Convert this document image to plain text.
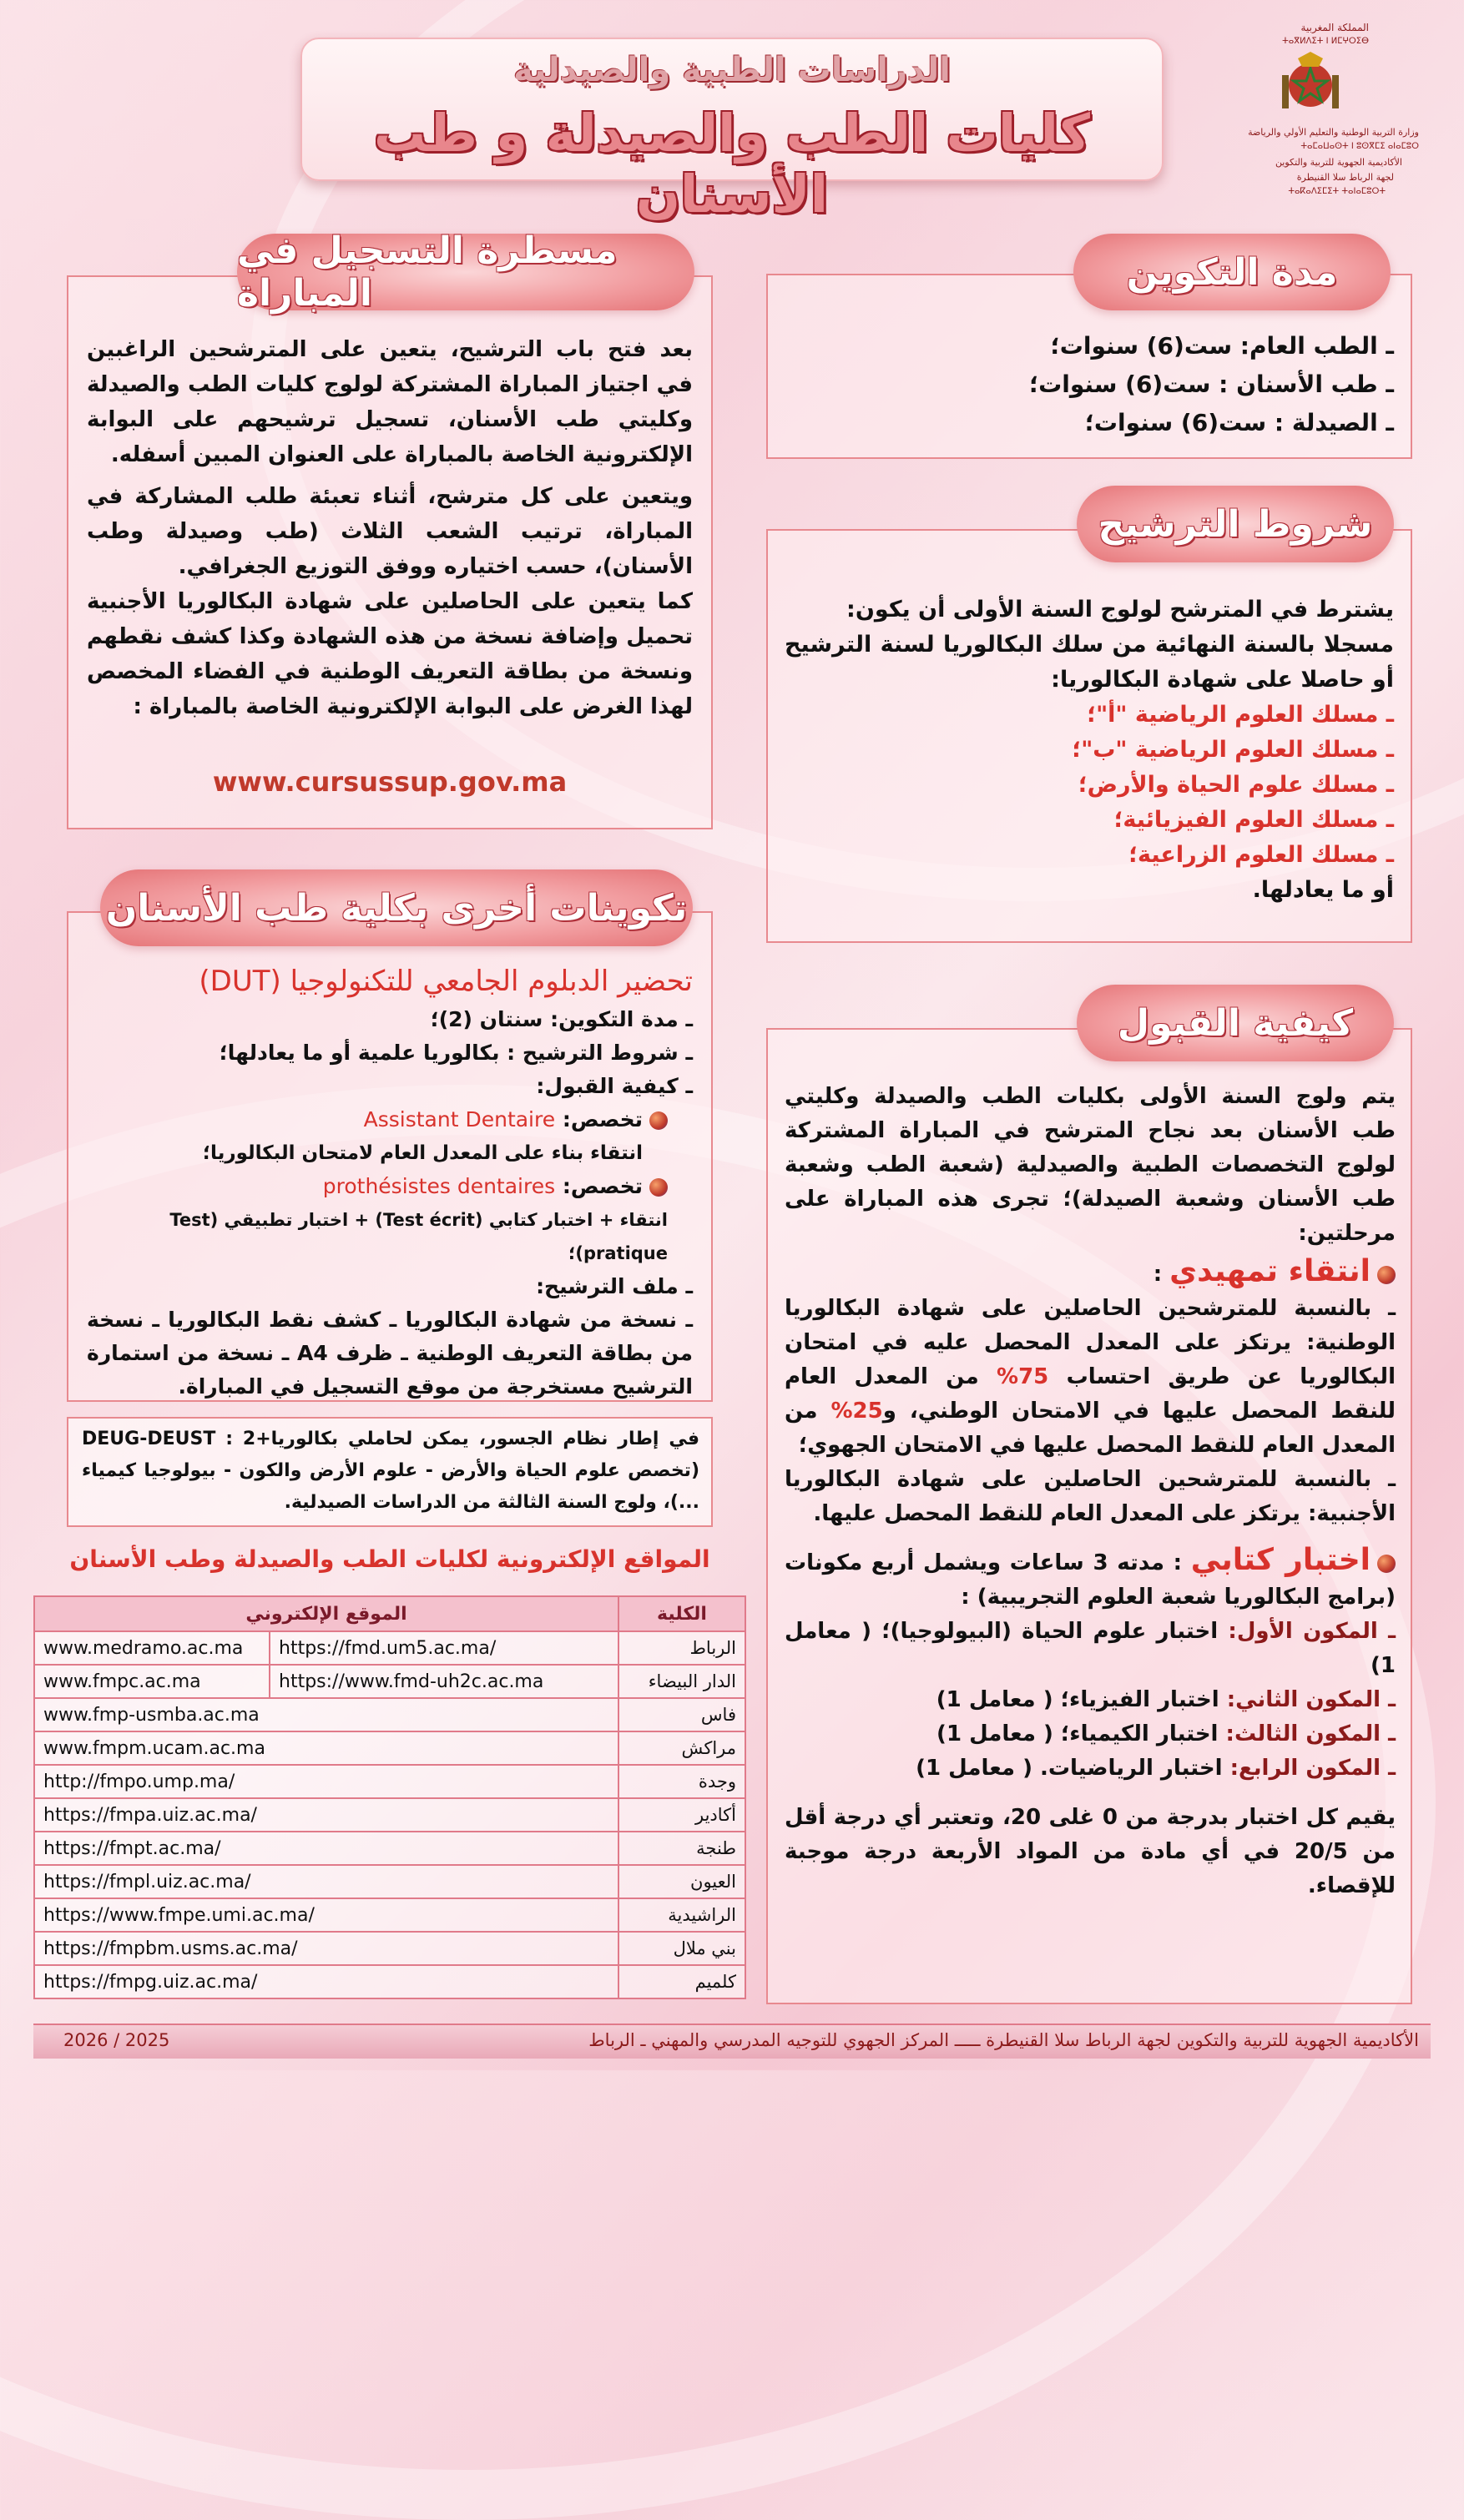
الدراسات الطبية والصيدلية
كليات الطب والصيدلة و طب الأسنان
المملكة المغربية
ⵜⴰⴳⵍⴷⵉⵜ ⵏ ⵍⵎⵖⵔⵉⴱ
وزارة التربية الوطنية والتعليم الأولي والرياضة
ⵜⴰⵎⴰⵡⴰⵙⵜ ⵏ ⵓⵙⴳⵎⵉ ⴰⵏⴰⵎⵓⵔ
الأكاديمية الجهوية للتربية والتكوين
لجهة الرباط سلا القنيطرة
ⵜⴰⴽⴰⴷⵉⵎⵉⵜ ⵜⴰⵏⴰⵎⵓⵔⵜ
مدة التكوين
ـ الطب العام: ست(6) سنوات؛
ـ طب الأسنان : ست(6) سنوات؛
ـ الصيدلة : ست(6) سنوات؛
شروط الترشيح
يشترط في المترشح لولوج السنة الأولى أن يكون:
مسجلا بالسنة النهائية من سلك البكالوريا لسنة الترشيح أو حاصلا على شهادة البكالوريا:
ـ مسلك العلوم الرياضية "أ"؛
ـ مسلك العلوم الرياضية "ب"؛
ـ مسلك علوم الحياة والأرض؛
ـ مسلك العلوم الفيزيائية؛
ـ مسلك العلوم الزراعية؛
أو ما يعادلها.
كيفية القبول
يتم ولوج السنة الأولى بكليات الطب والصيدلة وكليتي طب الأسنان بعد نجاح المترشح في المباراة المشتركة لولوج التخصصات الطبية والصيدلية (شعبة الطب وشعبة طب الأسنان وشعبة الصيدلة)؛ تجرى هذه المباراة على مرحلتين:
انتقاء تمهيدي :
ـ بالنسبة للمترشحين الحاصلين على شهادة البكالوريا الوطنية: يرتكز على المعدل المحصل عليه في امتحان البكالوريا عن طريق احتساب 75% من المعدل العام للنقط المحصل عليها في الامتحان الوطني، و25% من المعدل العام للنقط المحصل عليها في الامتحان الجهوي؛
ـ بالنسبة للمترشحين الحاصلين على شهادة البكالوريا الأجنبية: يرتكز على المعدل العام للنقط المحصل عليها.
اختبار كتابي : مدته 3 ساعات ويشمل أربع مكونات (برامج البكالوريا شعبة العلوم التجريبية) :
ـ المكون الأول: اختبار علوم الحياة (البيولوجيا)؛ ( معامل 1)
ـ المكون الثاني: اختبار الفيزياء؛ ( معامل 1)
ـ المكون الثالث: اختبار الكيمياء؛ ( معامل 1)
ـ المكون الرابع: اختبار الرياضيات. ( معامل 1)
يقيم كل اختبار بدرجة من 0 غلى 20، وتعتبر أي درجة أقل من 20/5 في أي مادة من المواد الأربعة درجة موجبة للإقصاء.
مسطرة التسجيل في المباراة
بعد فتح باب الترشيح، يتعين على المترشحين الراغبين في اجتياز المباراة المشتركة لولوج كليات الطب والصيدلة وكليتي طب الأسنان، تسجيل ترشيحهم على البوابة الإلكترونية الخاصة بالمباراة على العنوان المبين أسفله.
ويتعين على كل مترشح، أثناء تعبئة طلب المشاركة في المباراة، ترتيب الشعب الثلاث (طب وصيدلة وطب الأسنان)، حسب اختياره ووفق التوزيع الجغرافي.
كما يتعين على الحاصلين على شهادة البكالوريا الأجنبية تحميل وإضافة نسخة من هذه الشهادة وكذا كشف نقطهم ونسخة من بطاقة التعريف الوطنية في الفضاء المخصص لهذا الغرض على البوابة الإلكترونية الخاصة بالمباراة :
www.cursussup.gov.ma
تكوينات أخرى بكلية طب الأسنان
تحضير الدبلوم الجامعي للتكنولوجيا (DUT)
ـ مدة التكوين: سنتان (2)؛
ـ شروط الترشيح : بكالوريا علمية أو ما يعادلها؛
ـ كيفية القبول:
تخصص: Assistant Dentaire
انتقاء بناء على المعدل العام لامتحان البكالوريا؛
تخصص: prothésistes dentaires
انتقاء + اختبار كتابي (Test écrit) + اختبار تطبيقي (Test pratique)؛
ـ ملف الترشيح:
ـ نسخة من شهادة البكالوريا ـ كشف نقط البكالوريا ـ نسخة من بطاقة التعريف الوطنية ـ ظرف A4 ـ نسخة من استمارة الترشيح مستخرجة من موقع التسجيل في المباراة.
في إطار نظام الجسور، يمكن لحاملي بكالوريا+2 : DEUG-DEUST (تخصص علوم الحياة والأرض - علوم الأرض والكون - بيولوجيا كيمياء ...)، ولوج السنة الثالثة من الدراسات الصيدلية.
المواقع الإلكترونية لكليات الطب والصيدلة وطب الأسنان
الموقع الإلكتروني		الكلية
www.medramo.ac.ma	https://fmd.um5.ac.ma/	الرباط
www.fmpc.ac.ma	https://www.fmd-uh2c.ac.ma	الدار البيضاء
www.fmp-usmba.ac.ma		فاس
www.fmpm.ucam.ac.ma		مراكش
http://fmpo.ump.ma/		وجدة
https://fmpa.uiz.ac.ma/		أكادير
https://fmpt.ac.ma/		طنجة
https://fmpl.uiz.ac.ma/		العيون
https://www.fmpe.umi.ac.ma/		الراشيدية
https://fmpbm.usms.ac.ma/		بني ملال
https://fmpg.uiz.ac.ma/		كلميم
الأكاديمية الجهوية للتربية والتكوين لجهة الرباط سلا القنيطرة ـــــ المركز الجهوي للتوجيه المدرسي والمهني ـ الرباط
2026 / 2025
